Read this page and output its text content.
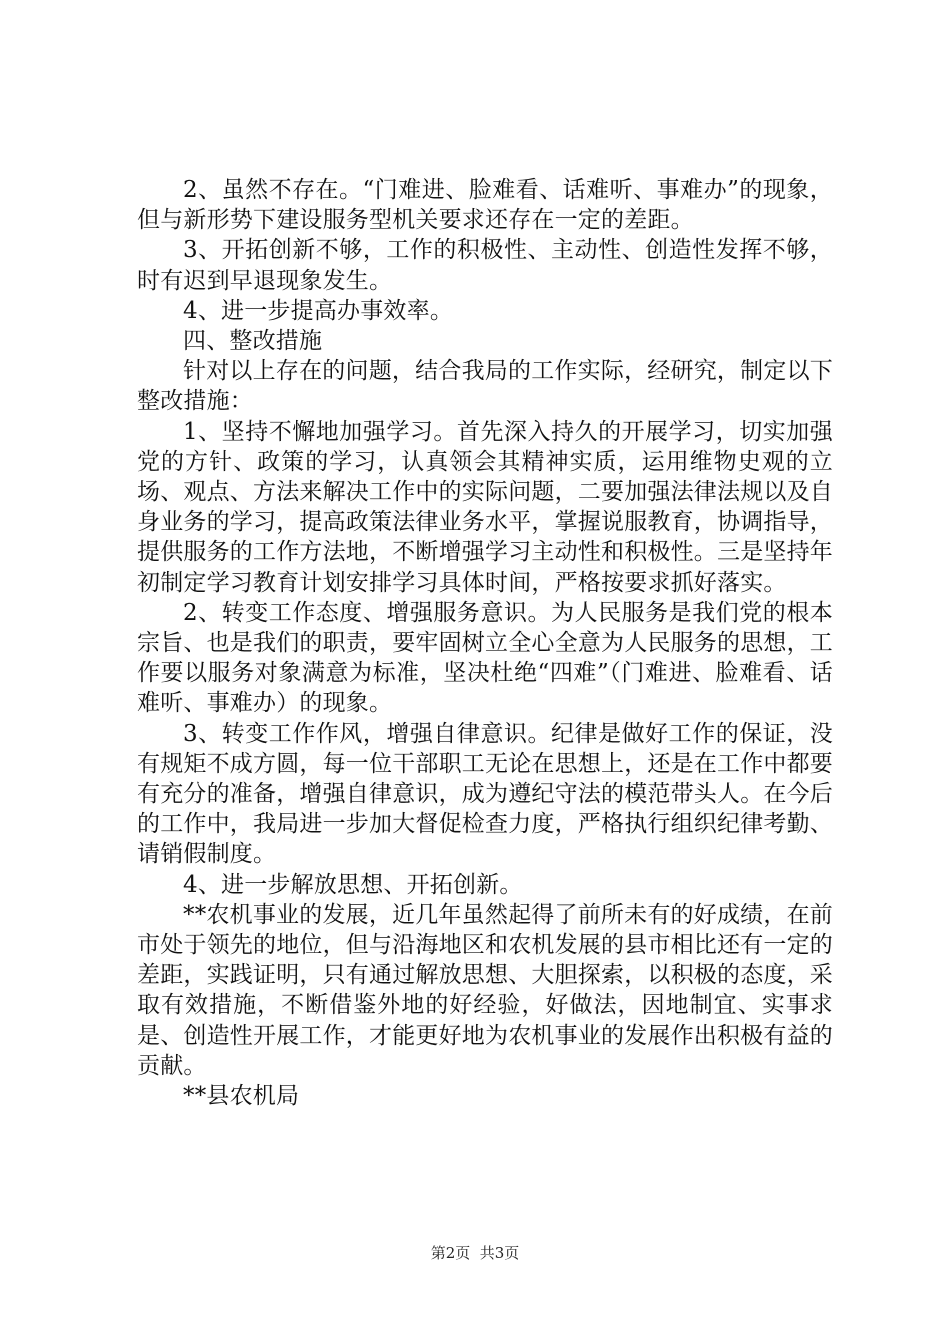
2、虽然不存在。“门难进、脸难看、话难听、事难办”的现象，但与新形势下建设服务型机关要求还存在一定的差距。

3、开拓创新不够，工作的积极性、主动性、创造性发挥不够，时有迟到早退现象发生。

4、进一步提高办事效率。

四、整改措施

针对以上存在的问题，结合我局的工作实际，经研究，制定以下整改措施：

1、坚持不懈地加强学习。首先深入持久的开展学习，切实加强党的方针、政策的学习，认真领会其精神实质，运用维物史观的立场、观点、方法来解决工作中的实际问题，二要加强法律法规以及自身业务的学习，提高政策法律业务水平，掌握说服教育，协调指导，提供服务的工作方法地，不断增强学习主动性和积极性。三是坚持年初制定学习教育计划安排学习具体时间，严格按要求抓好落实。

2、转变工作态度、增强服务意识。为人民服务是我们党的根本宗旨、也是我们的职责，要牢固树立全心全意为人民服务的思想，工作要以服务对象满意为标准，坚决杜绝“四难”（门难进、脸难看、话难听、事难办）的现象。

3、转变工作作风，增强自律意识。纪律是做好工作的保证，没有规矩不成方圆，每一位干部职工无论在思想上，还是在工作中都要有充分的准备，增强自律意识，成为遵纪守法的模范带头人。在今后的工作中，我局进一步加大督促检查力度，严格执行组织纪律考勤、请销假制度。

4、进一步解放思想、开拓创新。

**农机事业的发展，近几年虽然起得了前所未有的好成绩，在前市处于领先的地位，但与沿海地区和农机发展的县市相比还有一定的差距，实践证明，只有通过解放思想、大胆探索，以积极的态度，采取有效措施，不断借鉴外地的好经验，好做法，因地制宜、实事求是、创造性开展工作，才能更好地为农机事业的发展作出积极有益的贡献。

**县农机局

第2页  共3页
